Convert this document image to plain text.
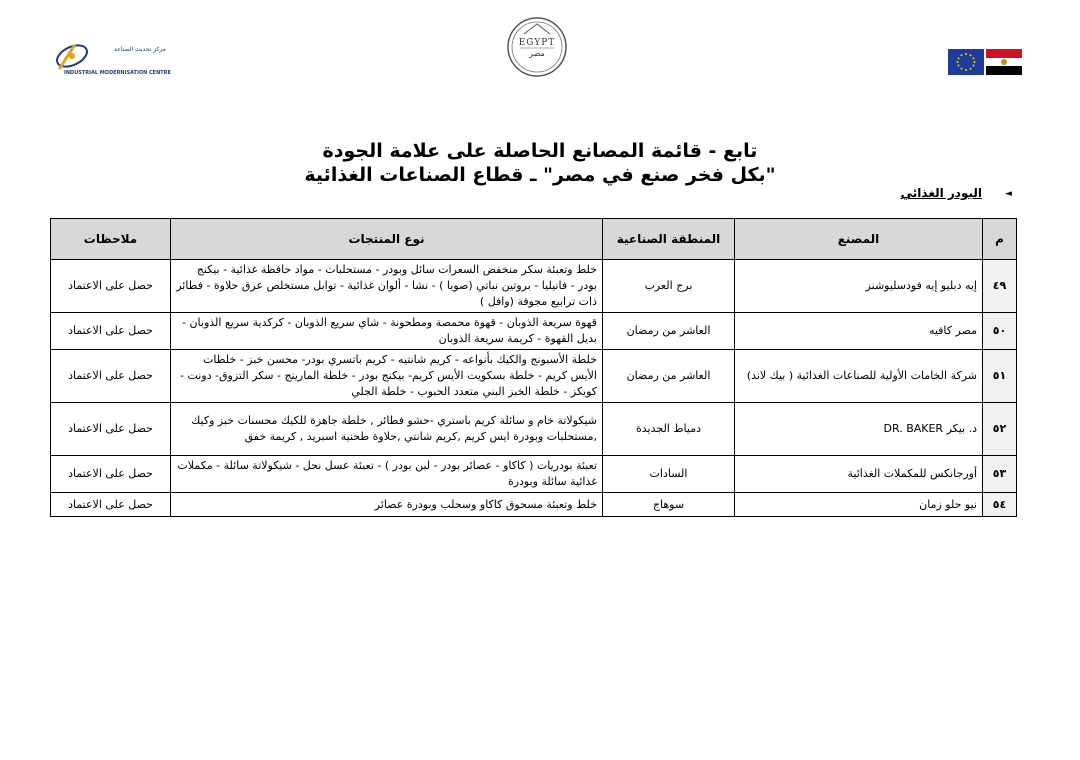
مركز تحديث الصناعة
INDUSTRIAL MODERNISATION CENTRE
EGYPT
مصر
تابع - قائمة المصانع الحاصلة على علامة الجودة
"بكل فخر صنع في مصر" ـ قطاع الصناعات الغذائية
◄
البودر الغذائي
م	المصنع	المنطقة الصناعية	نوع المنتجات	ملاحظات
٤٩	إيه دبليو إيه فودسليوشنز	برج العرب	خلط وتعبئة سكر منخفض السعرات سائل وبودر - مستحلبات - مواد حافظة غذائية - بيكنج بودر - فانيليا - بروتين نباتي (صويا ) - نشا - ألوان غذائية - توابل مستخلص عرق حلاوة - فطائر ذات ترابيع مجوفة (وافل )	حصل على الاعتماد
٥٠	مصر كافيه	العاشر من رمضان	قهوة سريعة الذوبان - قهوة محمصة ومطحونة - شاي سريع الذوبان - كركدية سريع الذوبان - بديل القهوة - كريمة سريعة الذوبان	حصل على الاعتماد
٥١	شركة الخامات الأولية للصناعات الغذائية ( بيك لاند)	العاشر من رمضان	خلطة الأسبونج والكيك بأنواعه - كريم شانتيه - كريم باتسري بودر- محسن خبز - خلطات الأيس كريم - خلطة بسكويت الأيس كريم- بيكنج بودر - خلطة المارينج - سكر التزوق- دونت - كويكز - خلطة الخبز البني متعدد الحبوب - خلطة الجلي	حصل على الاعتماد
٥٢	د. بيكر DR. BAKER	دمياط الجديدة	شيكولاتة خام و سائلة كريم باستري -حشو فطائر , خلطة جاهزة للكيك محسنات خبز وكيك ,مستحلبات وبودرة ايس كريم ,كريم شانتي ,حلاوة طحنية اسبريد , كريمة خفق	حصل على الاعتماد
٥٣	أورجانكس للمكملات الغذائية	السادات	تعبئة بودريات ( كاكاو - عصائر بودر - لبن بودر ) - تعبئة عسل نحل - شيكولاتة سائلة - مكملات غذائية سائلة وبودرة	حصل على الاعتماد
٥٤	نيو حلو زمان	سوهاج	خلط وتعبئة مسحوق كاكاو وسحلب وبودرة عصائر	حصل على الاعتماد
